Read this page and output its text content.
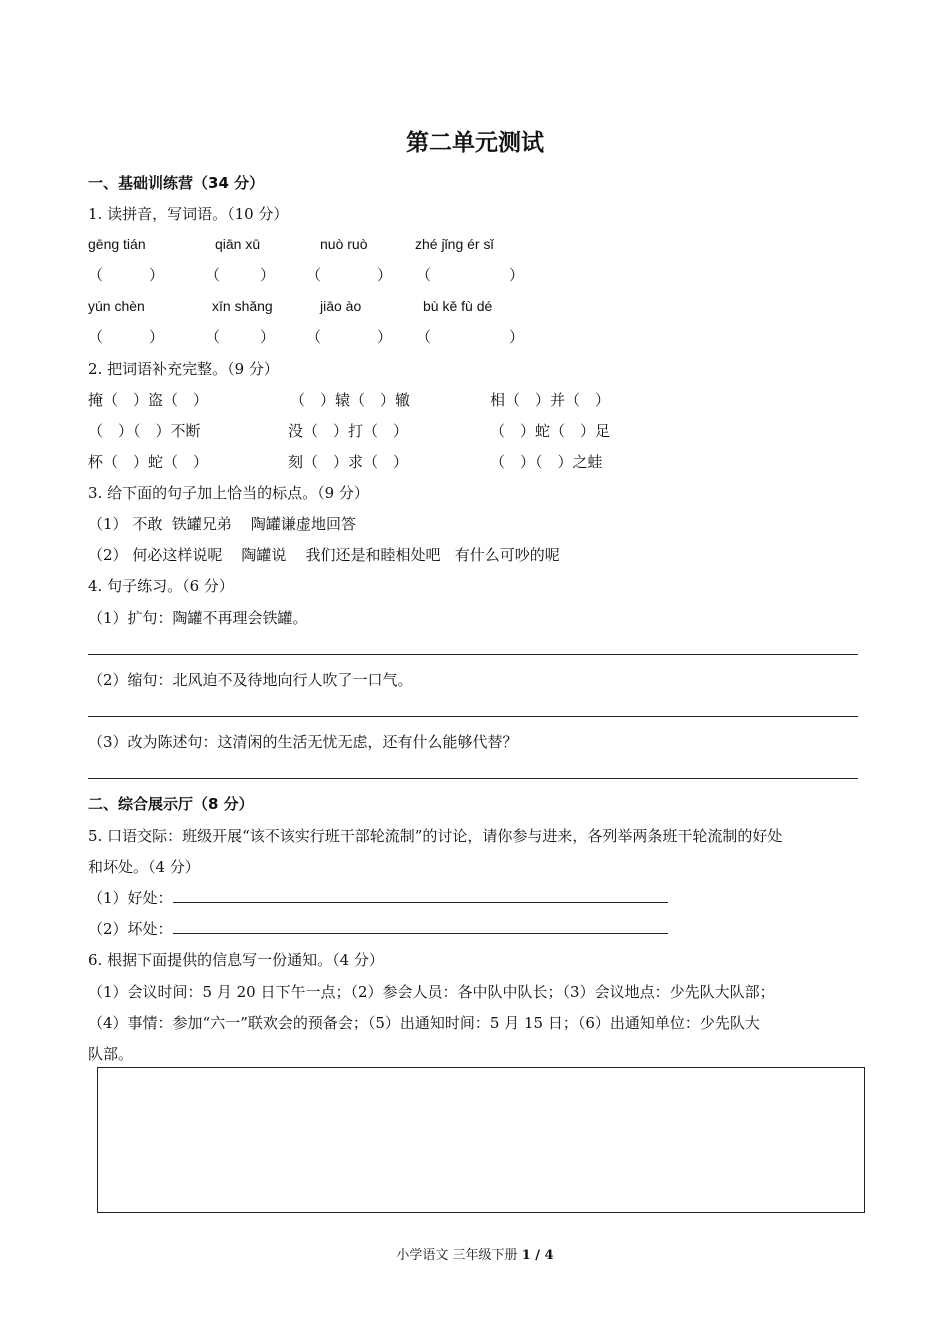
第二单元测试
一、基础训练营（34 分）
1. 读拼音，写词语。（10 分）
gēng tián	qiān xū	nuò ruò	zhé jǐng ér sǐ
（	）	（	） （	） （	）
yún chèn	xīn shǎng	jiāo ào	bù kě fù dé
（	）	（	） （	） （	）
2. 把词语补充完整。（9 分）
掩（　）盗（　）	（　）辕（　）辙	相（　）并（　）
（　）（　）不断	没（　）打（　）	（　）蛇（　）足
杯（　）蛇（　）	刻（　）求（　）	（　）（　）之蛙
3. 给下面的句子加上恰当的标点。（9 分）
（1） 不敢  铁罐兄弟    陶罐谦虚地回答
（2） 何必这样说呢    陶罐说    我们还是和睦相处吧   有什么可吵的呢
4. 句子练习。（6 分）
（1）扩句：陶罐不再理会铁罐。
（2）缩句：北风迫不及待地向行人吹了一口气。
（3）改为陈述句：这清闲的生活无忧无虑，还有什么能够代替？
二、综合展示厅（8 分）
5. 口语交际：班级开展“该不该实行班干部轮流制”的讨论，请你参与进来，各列举两条班干轮流制的好处
和坏处。（4 分）
（1）好处：
（2）坏处：
6. 根据下面提供的信息写一份通知。（4 分）
（1）会议时间：5 月 20 日下午一点；（2）参会人员：各中队中队长；（3）会议地点：少先队大队部；
（4）事情：参加“六一”联欢会的预备会；（5）出通知时间：5 月 15 日；（6）出通知单位：少先队大
队部。
小学语文 三年级下册 1 / 4
